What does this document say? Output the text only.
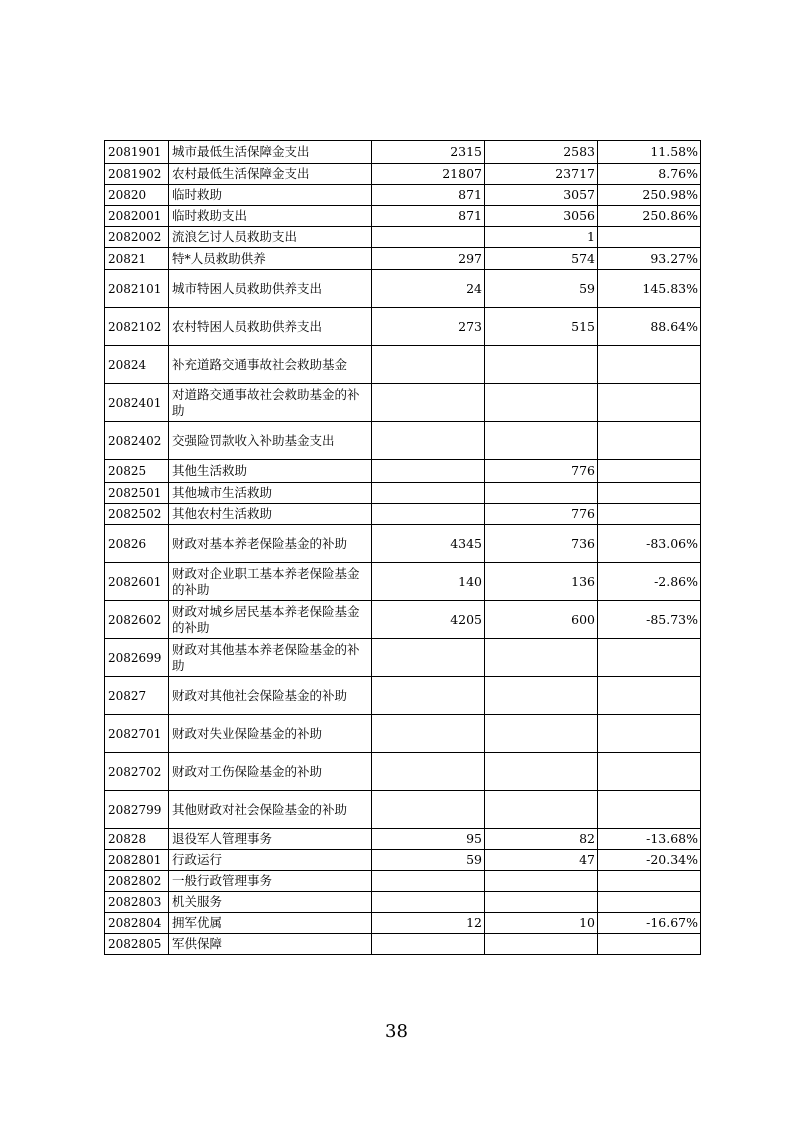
2081901	城市最低生活保障金支出	2315	2583	11.58%
2081902	农村最低生活保障金支出	21807	23717	8.76%
20820	临时救助	871	3057	250.98%
2082001	临时救助支出	871	3056	250.86%
2082002	流浪乞讨人员救助支出		1	
20821	特*人员救助供养	297	574	93.27%
2082101	城市特困人员救助供养支出	24	59	145.83%
2082102	农村特困人员救助供养支出	273	515	88.64%
20824	补充道路交通事故社会救助基金			
2082401	对道路交通事故社会救助基金的补助			
2082402	交强险罚款收入补助基金支出			
20825	其他生活救助		776	
2082501	其他城市生活救助			
2082502	其他农村生活救助		776	
20826	财政对基本养老保险基金的补助	4345	736	-83.06%
2082601	财政对企业职工基本养老保险基金的补助	140	136	-2.86%
2082602	财政对城乡居民基本养老保险基金的补助	4205	600	-85.73%
2082699	财政对其他基本养老保险基金的补助			
20827	财政对其他社会保险基金的补助			
2082701	财政对失业保险基金的补助			
2082702	财政对工伤保险基金的补助			
2082799	其他财政对社会保险基金的补助			
20828	退役军人管理事务	95	82	-13.68%
2082801	行政运行	59	47	-20.34%
2082802	一般行政管理事务			
2082803	机关服务			
2082804	拥军优属	12	10	-16.67%
2082805	军供保障			
38
